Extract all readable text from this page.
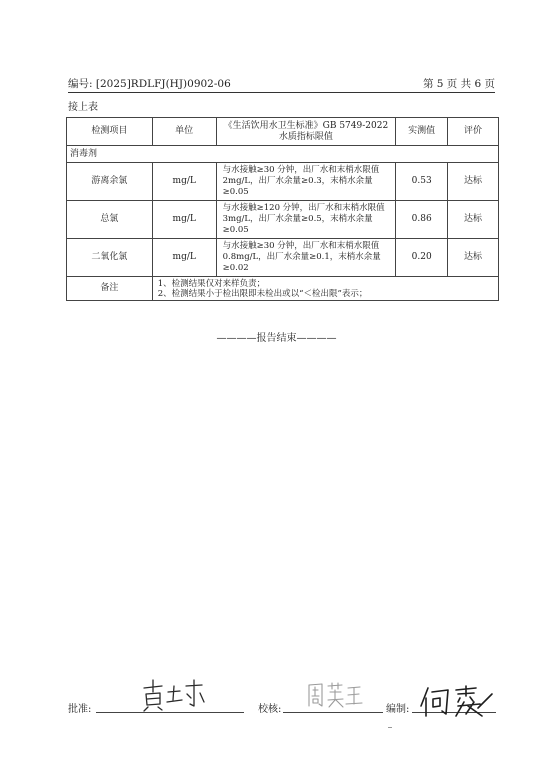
编号: [2025]RDLFJ(HJ)0902-06	第 5 页 共 6 页
接上表
检测项目	单位	《生活饮用水卫生标准》GB 5749-2022 水质指标限值	实测值	评价
消毒剂				
游离余氯	mg/L	与水接触≥30 分钟，出厂水和末梢水限值 2mg/L，出厂水余量≥0.3，末梢水余量≥0.05	0.53	达标
总氯	mg/L	与水接触≥120 分钟，出厂水和末梢水限值 3mg/L，出厂水余量≥0.5，末梢水余量≥0.05	0.86	达标
二氧化氯	mg/L	与水接触≥30 分钟，出厂水和末梢水限值 0.8mg/L，出厂水余量≥0.1，末梢水余量≥0.02	0.20	达标
备注	1、检测结果仅对来样负责；
2、检测结果小于检出限即未检出或以“＜检出限”表示；			
————报告结束————
批准:	校核:	编制:
